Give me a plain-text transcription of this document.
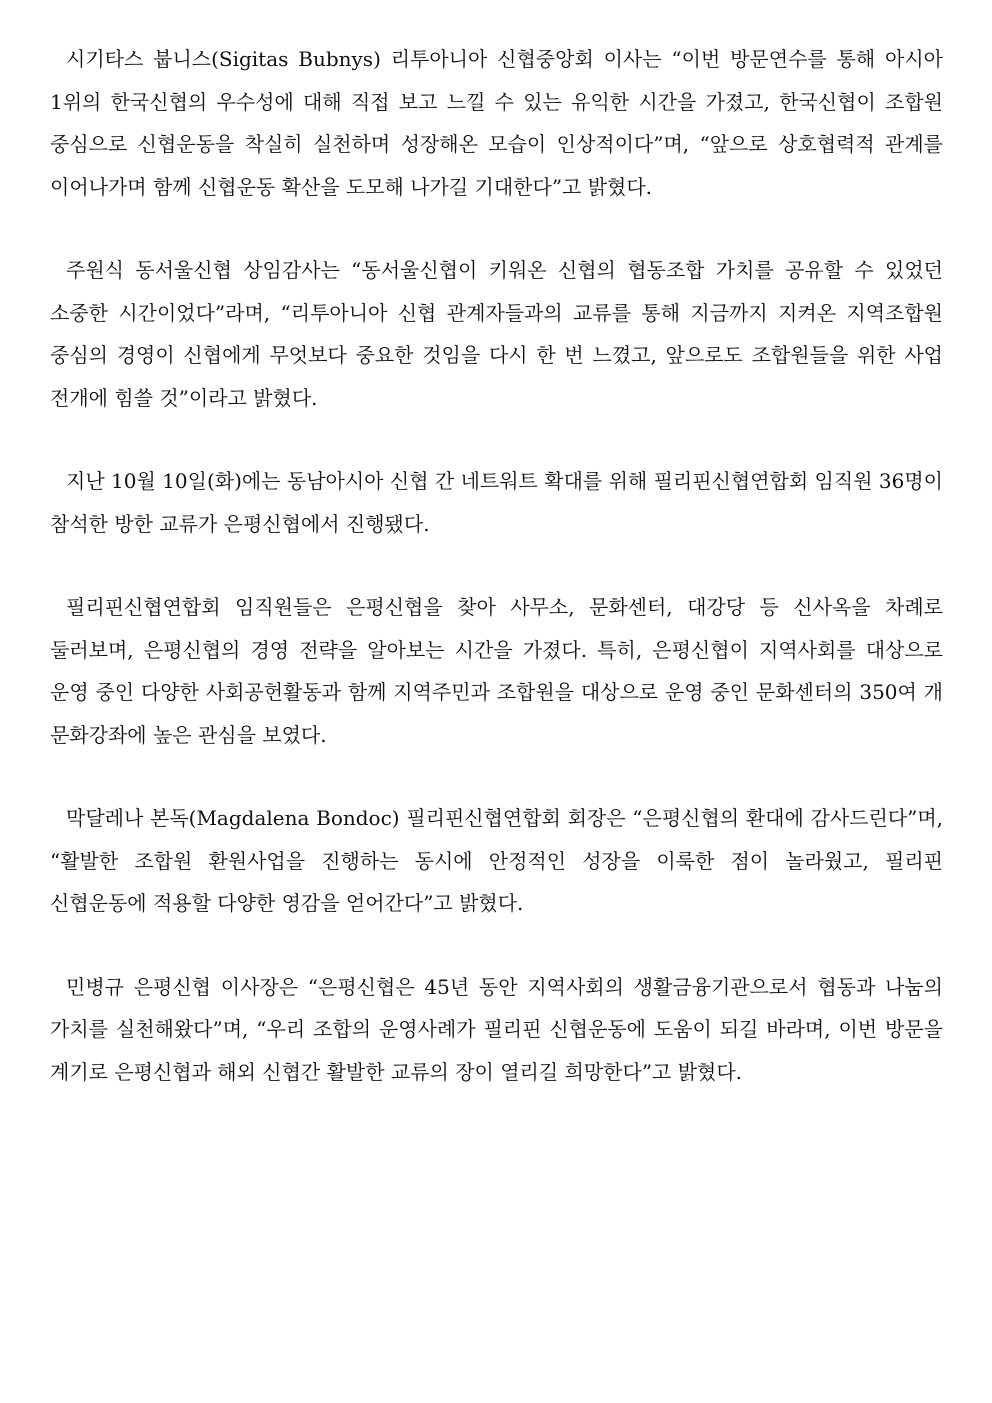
시기타스 붑니스(Sigitas Bubnys) 리투아니아 신협중앙회 이사는 “이번 방문연수를 통해 아시아 1위의 한국신협의 우수성에 대해 직접 보고 느낄 수 있는 유익한 시간을 가졌고, 한국신협이 조합원 중심으로 신협운동을 착실히 실천하며 성장해온 모습이 인상적이다”며, “앞으로 상호협력적 관계를 이어나가며 함께 신협운동 확산을 도모해 나가길 기대한다”고 밝혔다.

주원식 동서울신협 상임감사는 “동서울신협이 키워온 신협의 협동조합 가치를 공유할 수 있었던 소중한 시간이었다”라며, “리투아니아 신협 관계자들과의 교류를 통해 지금까지 지켜온 지역조합원 중심의 경영이 신협에게 무엇보다 중요한 것임을 다시 한 번 느꼈고, 앞으로도 조합원들을 위한 사업 전개에 힘쓸 것”이라고 밝혔다.

지난 10월 10일(화)에는 동남아시아 신협 간 네트워트 확대를 위해 필리핀신협연합회 임직원 36명이 참석한 방한 교류가 은평신협에서 진행됐다.

필리핀신협연합회 임직원들은 은평신협을 찾아 사무소, 문화센터, 대강당 등 신사옥을 차례로 둘러보며, 은평신협의 경영 전략을 알아보는 시간을 가졌다. 특히, 은평신협이 지역사회를 대상으로 운영 중인 다양한 사회공헌활동과 함께 지역주민과 조합원을 대상으로 운영 중인 문화센터의 350여 개 문화강좌에 높은 관심을 보였다.

막달레나 본독(Magdalena Bondoc) 필리핀신협연합회 회장은 “은평신협의 환대에 감사드린다”며, “활발한 조합원 환원사업을 진행하는 동시에 안정적인 성장을 이룩한 점이 놀라웠고, 필리핀 신협운동에 적용할 다양한 영감을 얻어간다”고 밝혔다.

민병규 은평신협 이사장은 “은평신협은 45년 동안 지역사회의 생활금융기관으로서 협동과 나눔의 가치를 실천해왔다”며, “우리 조합의 운영사례가 필리핀 신협운동에 도움이 되길 바라며, 이번 방문을 계기로 은평신협과 해외 신협간 활발한 교류의 장이 열리길 희망한다”고 밝혔다.
